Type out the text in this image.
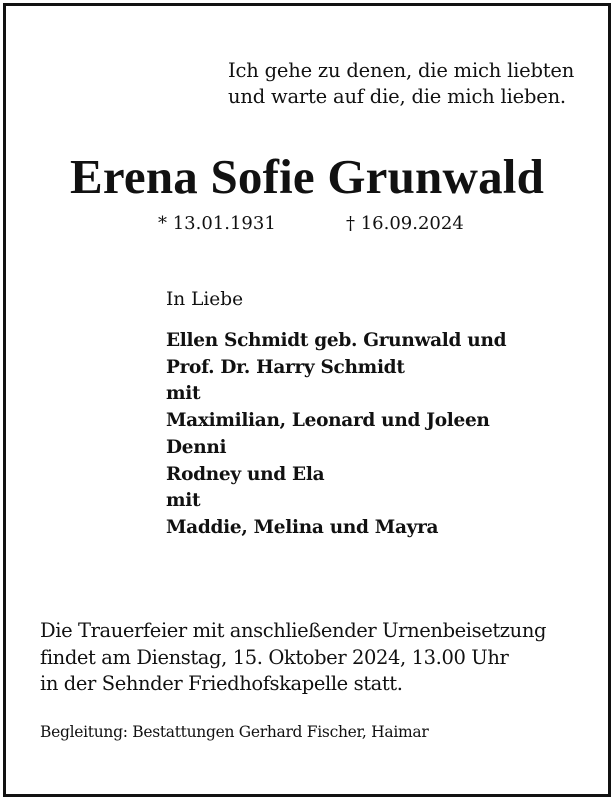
Ich gehe zu denen, die mich liebten
und warte auf die, die mich lieben.
Erena Sofie Grunwald
* 13.01.1931	† 16.09.2024
In Liebe
Ellen Schmidt geb. Grunwald und
Prof. Dr. Harry Schmidt
mit
Maximilian, Leonard und Joleen
Denni
Rodney und Ela
mit
Maddie, Melina und Mayra
Die Trauerfeier mit anschließender Urnenbeisetzung
findet am Dienstag, 15. Oktober 2024, 13.00 Uhr
in der Sehnder Friedhofskapelle statt.
Begleitung: Bestattungen Gerhard Fischer, Haimar
